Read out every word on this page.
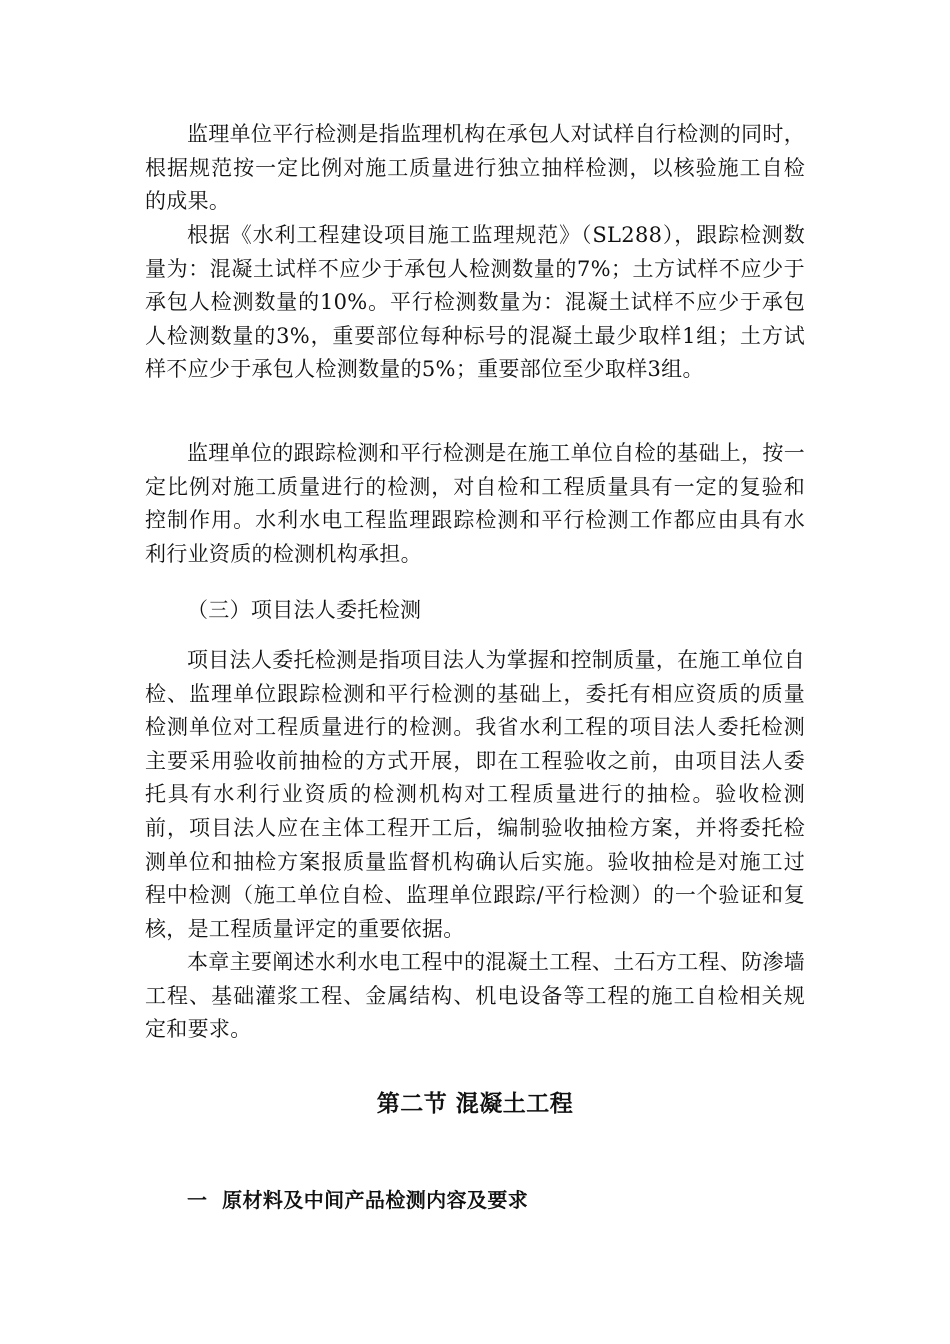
监理单位平行检测是指监理机构在承包人对试样自行检测的同时，根据规范按一定比例对施工质量进行独立抽样检测，以核验施工自检的成果。

根据《水利工程建设项目施工监理规范》（SL288），跟踪检测数量为：混凝土试样不应少于承包人检测数量的7%；土方试样不应少于承包人检测数量的10%。平行检测数量为：混凝土试样不应少于承包人检测数量的3%，重要部位每种标号的混凝土最少取样1组；土方试样不应少于承包人检测数量的5%；重要部位至少取样3组。

监理单位的跟踪检测和平行检测是在施工单位自检的基础上，按一定比例对施工质量进行的检测，对自检和工程质量具有一定的复验和控制作用。水利水电工程监理跟踪检测和平行检测工作都应由具有水利行业资质的检测机构承担。

（三）项目法人委托检测

项目法人委托检测是指项目法人为掌握和控制质量，在施工单位自检、监理单位跟踪检测和平行检测的基础上，委托有相应资质的质量检测单位对工程质量进行的检测。我省水利工程的项目法人委托检测主要采用验收前抽检的方式开展，即在工程验收之前，由项目法人委托具有水利行业资质的检测机构对工程质量进行的抽检。验收检测前，项目法人应在主体工程开工后，编制验收抽检方案，并将委托检测单位和抽检方案报质量监督机构确认后实施。验收抽检是对施工过程中检测（施工单位自检、监理单位跟踪/平行检测）的一个验证和复核，是工程质量评定的重要依据。

本章主要阐述水利水电工程中的混凝土工程、土石方工程、防渗墙工程、基础灌浆工程、金属结构、机电设备等工程的施工自检相关规定和要求。

第二节 混凝土工程
一  原材料及中间产品检测内容及要求
